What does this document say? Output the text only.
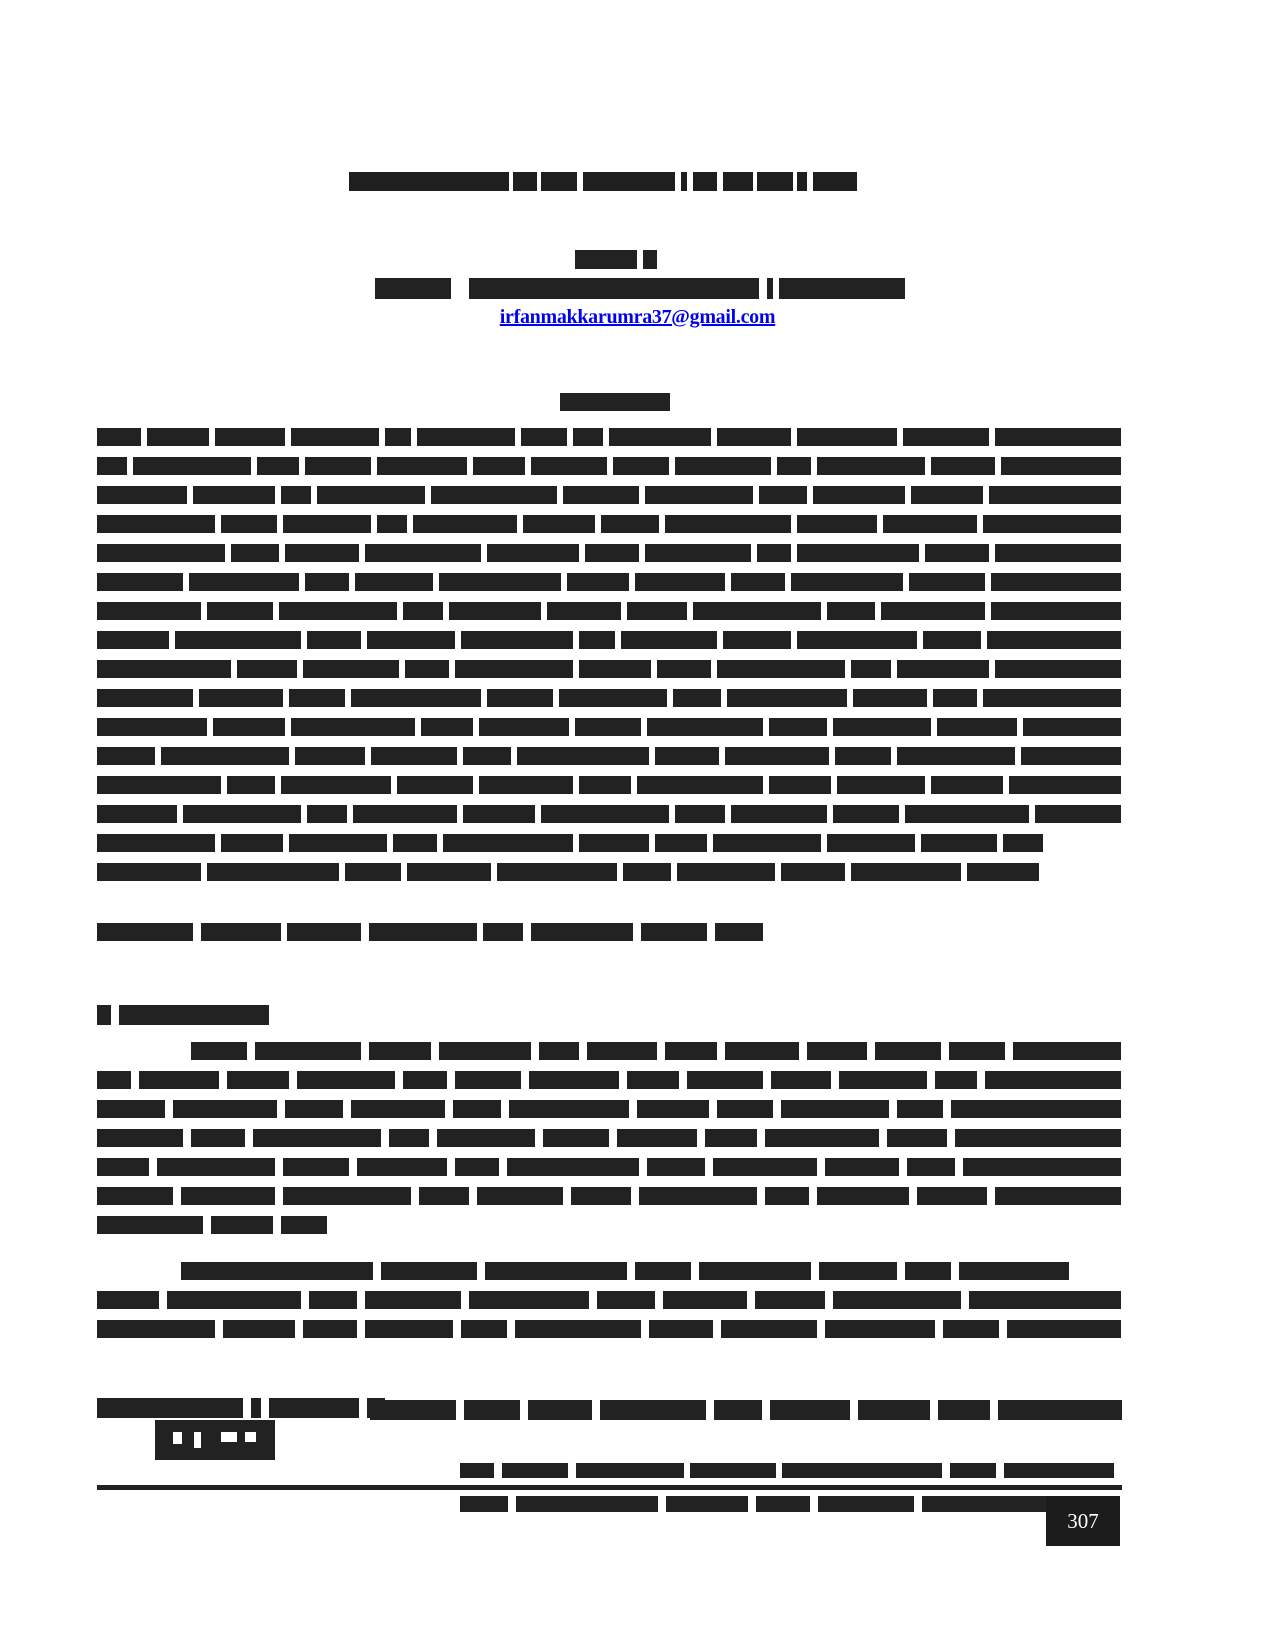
irfanmakkarumra37@gmail.com
307
